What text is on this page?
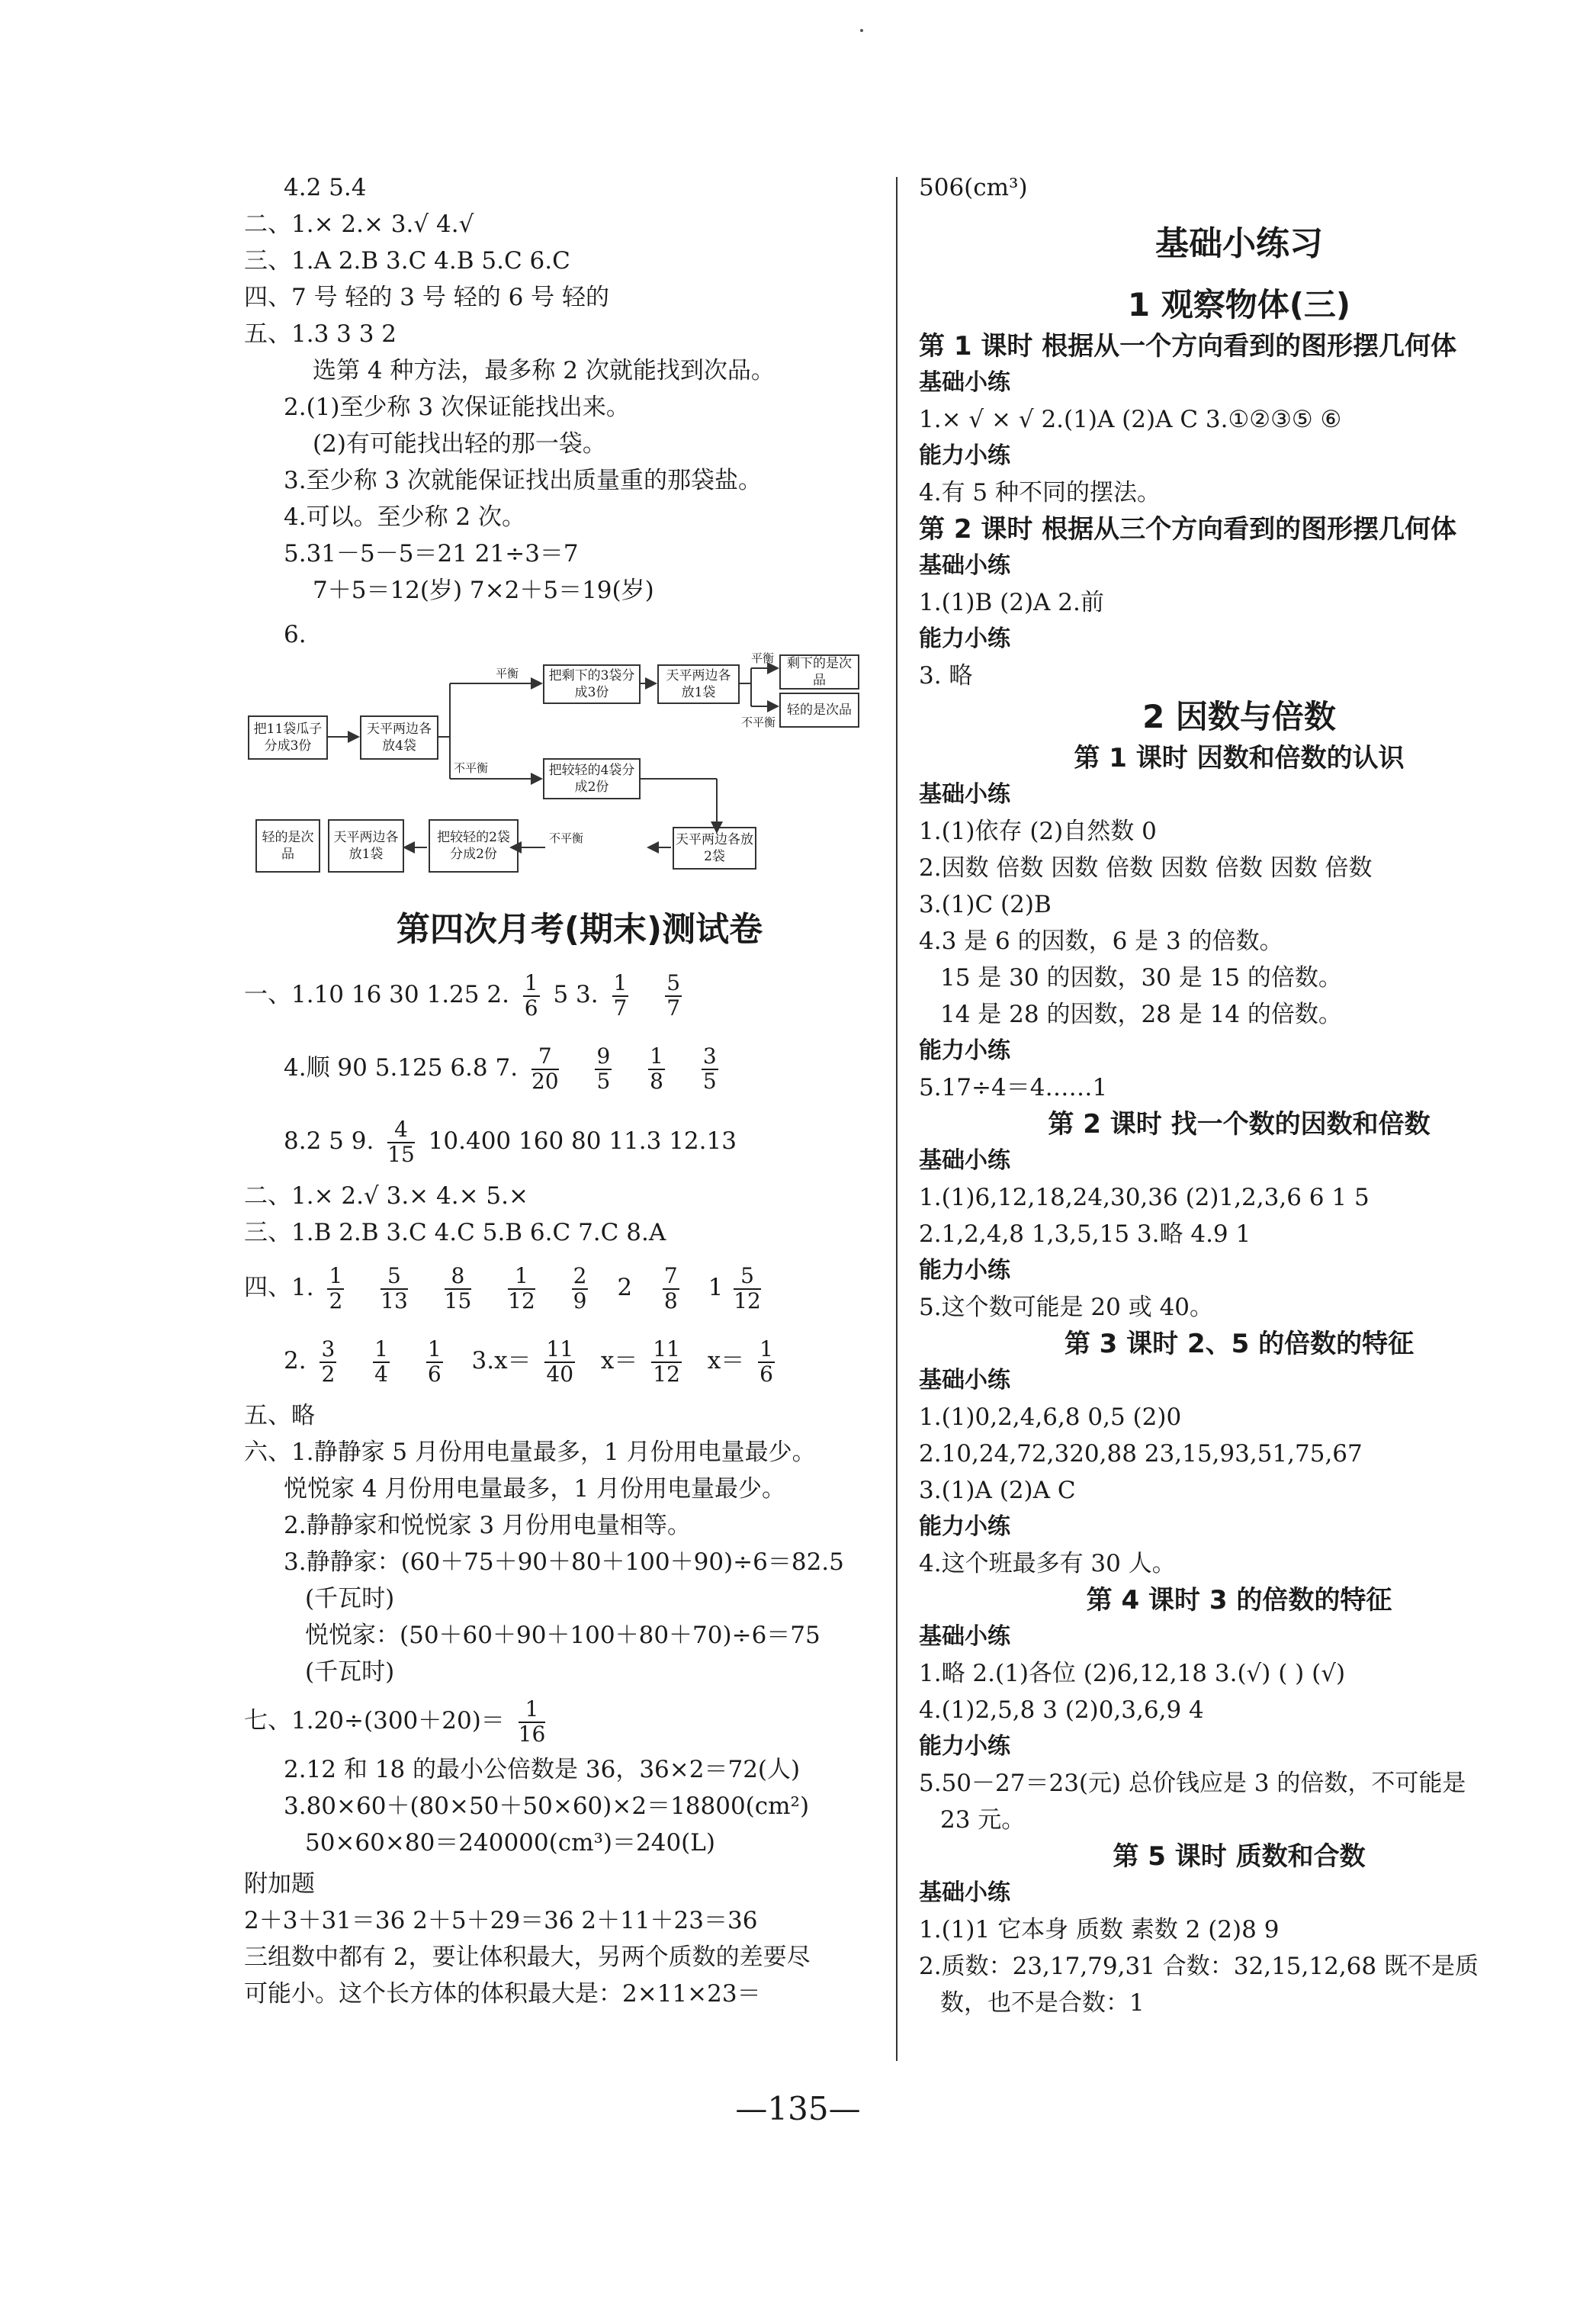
4.2 5.4
二、1.× 2.× 3.√ 4.√
三、1.A 2.B 3.C 4.B 5.C 6.C
四、7 号 轻的 3 号 轻的 6 号 轻的
五、1.3 3 3 2
选第 4 种方法，最多称 2 次就能找到次品。
2.(1)至少称 3 次保证能找出来。
(2)有可能找出轻的那一袋。
3.至少称 3 次就能保证找出质量重的那袋盐。
4.可以。至少称 2 次。
5.31－5－5＝21 21÷3＝7
7＋5＝12(岁) 7×2＋5＝19(岁)
6.
把11袋瓜子分成3份
天平两边各放4袋
把剩下的3袋分成3份
天平两边各放1袋
剩下的是次品
轻的是次品
把较轻的4袋分成2份
天平两边各放2袋
把较轻的2袋分成2份
天平两边各放1袋
轻的是次品
平衡
不平衡
平衡
不平衡
不平衡
第四次月考(期末)测试卷
一、1.10 16 30 1.25 2. $\frac{1}{6} 5$ 3. $\frac{1}{7}$
$\frac{5}{7}$
4.顺 90 5.125 6.8 7. $\frac{7}{20}$
$\frac{9}{5}$
$\frac{1}{8}$
$\frac{3}{5}$
8.2 5 9. $\frac{4}{15} 10.400$ 160 80 11.3 12.13
二、1.× 2.√ 3.× 4.× 5.×
三、1.B 2.B 3.C 4.C 5.B 6.C 7.C 8.A
四、1. $\frac{1}{2}$
$\frac{5}{13}$
$\frac{8}{15}$
$\frac{1}{12}$
$\frac{2}{9} 2 \frac{7}{8} 1 \frac{5}{12}$
2. $\frac{3}{2}$
$\frac{1}{4}$
$\frac{1}{6} 3.x= \frac{11}{40} x= \frac{11}{12} x= \frac{1}{6}$
五、略
六、1.静静家 5 月份用电量最多，1 月份用电量最少。
悦悦家 4 月份用电量最多，1 月份用电量最少。
2.静静家和悦悦家 3 月份用电量相等。
3.静静家：(60＋75＋90＋80＋100＋90)÷6＝82.5
(千瓦时)
悦悦家：(50＋60＋90＋100＋80＋70)÷6＝75
(千瓦时)
七、$1.20\div(300+20)= \frac{1}{16}$
2.12 和 18 的最小公倍数是 36，36×2＝72(人)
3.80×60＋(80×50＋50×60)×2＝18800(cm²)
50×60×80＝240000(cm³)＝240(L)
附加题
2＋3＋31＝36 2＋5＋29＝36 2＋11＋23＝36
三组数中都有 2，要让体积最大，另两个质数的差要尽
可能小。这个长方体的体积最大是：2×11×23＝
506(cm³)
基础小练习
1 观察物体(三)
第 1 课时 根据从一个方向看到的图形摆几何体
基础小练
1.× √ × √ 2.(1)A (2)A C 3.①②③⑤ ⑥
能力小练
4.有 5 种不同的摆法。
第 2 课时 根据从三个方向看到的图形摆几何体
基础小练
1.(1)B (2)A 2.前
能力小练
3. 略
2 因数与倍数
第 1 课时 因数和倍数的认识
基础小练
1.(1)依存 (2)自然数 0
2.因数 倍数 因数 倍数 因数 倍数 因数 倍数
3.(1)C (2)B
4.3 是 6 的因数，6 是 3 的倍数。
15 是 30 的因数，30 是 15 的倍数。
14 是 28 的因数，28 是 14 的倍数。
能力小练
5.17÷4＝4……1
第 2 课时 找一个数的因数和倍数
基础小练
1.(1)6,12,18,24,30,36 (2)1,2,3,6 6 1 5
2.1,2,4,8 1,3,5,15 3.略 4.9 1
能力小练
5.这个数可能是 20 或 40。
第 3 课时 2、5 的倍数的特征
基础小练
1.(1)0,2,4,6,8 0,5 (2)0
2.10,24,72,320,88 23,15,93,51,75,67
3.(1)A (2)A C
能力小练
4.这个班最多有 30 人。
第 4 课时 3 的倍数的特征
基础小练
1.略 2.(1)各位 (2)6,12,18 3.(√) ( ) (√)
4.(1)2,5,8 3 (2)0,3,6,9 4
能力小练
5.50－27＝23(元) 总价钱应是 3 的倍数，不可能是
23 元。
第 5 课时 质数和合数
基础小练
1.(1)1 它本身 质数 素数 2 (2)8 9
2.质数：23,17,79,31 合数：32,15,12,68 既不是质
数，也不是合数：1
—135—
